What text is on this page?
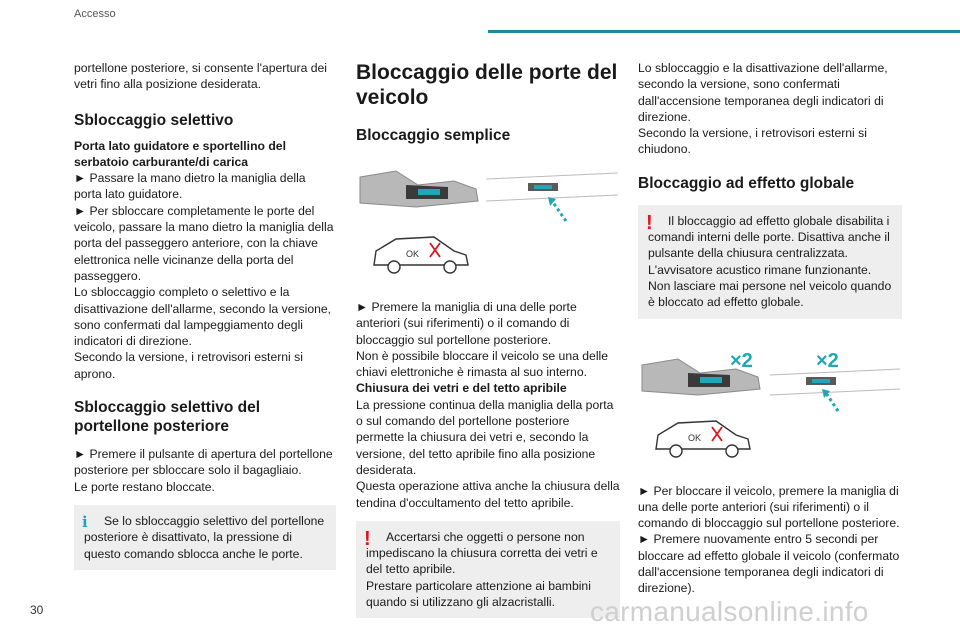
Accesso

portellone posteriore, si consente l'apertura dei vetri fino alla posizione desiderata.

Sbloccaggio selettivo

Porta lato guidatore e sportellino del serbatoio carburante/di carica

► Passare la mano dietro la maniglia della porta lato guidatore.

► Per sbloccare completamente le porte del veicolo, passare la mano dietro la maniglia della porta del passeggero anteriore, con la chiave elettronica nelle vicinanze della porta del passeggero.

Lo sbloccaggio completo o selettivo e la disattivazione dell'allarme, secondo la versione, sono confermati dal lampeggiamento degli indicatori di direzione.

Secondo la versione, i retrovisori esterni si aprono.

Sbloccaggio selettivo del portellone posteriore

► Premere il pulsante di apertura del portellone posteriore per sbloccare solo il bagagliaio.

Le porte restano bloccate.

i	Se lo sbloccaggio selettivo del portellone posteriore è disattivato, la pressione di questo comando sblocca anche le porte.

Bloccaggio delle porte del veicolo
Bloccaggio semplice
OK

► Premere la maniglia di una delle porte anteriori (sui riferimenti) o il comando di bloccaggio sul portellone posteriore.

Non è possibile bloccare il veicolo se una delle chiavi elettroniche è rimasta al suo interno.

Chiusura dei vetri e del tetto apribile

La pressione continua della maniglia della porta o sul comando del portellone posteriore permette la chiusura dei vetri e, secondo la versione, del tetto apribile fino alla posizione desiderata.

Questa operazione attiva anche la chiusura della tendina d'occultamento del tetto apribile.

!	Accertarsi che oggetti o persone non impediscano la chiusura corretta dei vetri e del tetto apribile.

Prestare particolare attenzione ai bambini quando si utilizzano gli alzacristalli.

Lo sbloccaggio e la disattivazione dell'allarme, secondo la versione, sono confermati dall'accensione temporanea degli indicatori di direzione.

Secondo la versione, i retrovisori esterni si chiudono.

Bloccaggio ad effetto globale
!	Il bloccaggio ad effetto globale disabilita i comandi interni delle porte. Disattiva anche il pulsante della chiusura centralizzata.

L'avvisatore acustico rimane funzionante.

Non lasciare mai persone nel veicolo quando è bloccato ad effetto globale.

×2	×2
OK

► Per bloccare il veicolo, premere la maniglia di una delle porte anteriori (sui riferimenti) o il comando di bloccaggio sul portellone posteriore.

► Premere nuovamente entro 5 secondi per bloccare ad effetto globale il veicolo (confermato dall'accensione temporanea degli indicatori di direzione).

30	carmanualsonline.info
